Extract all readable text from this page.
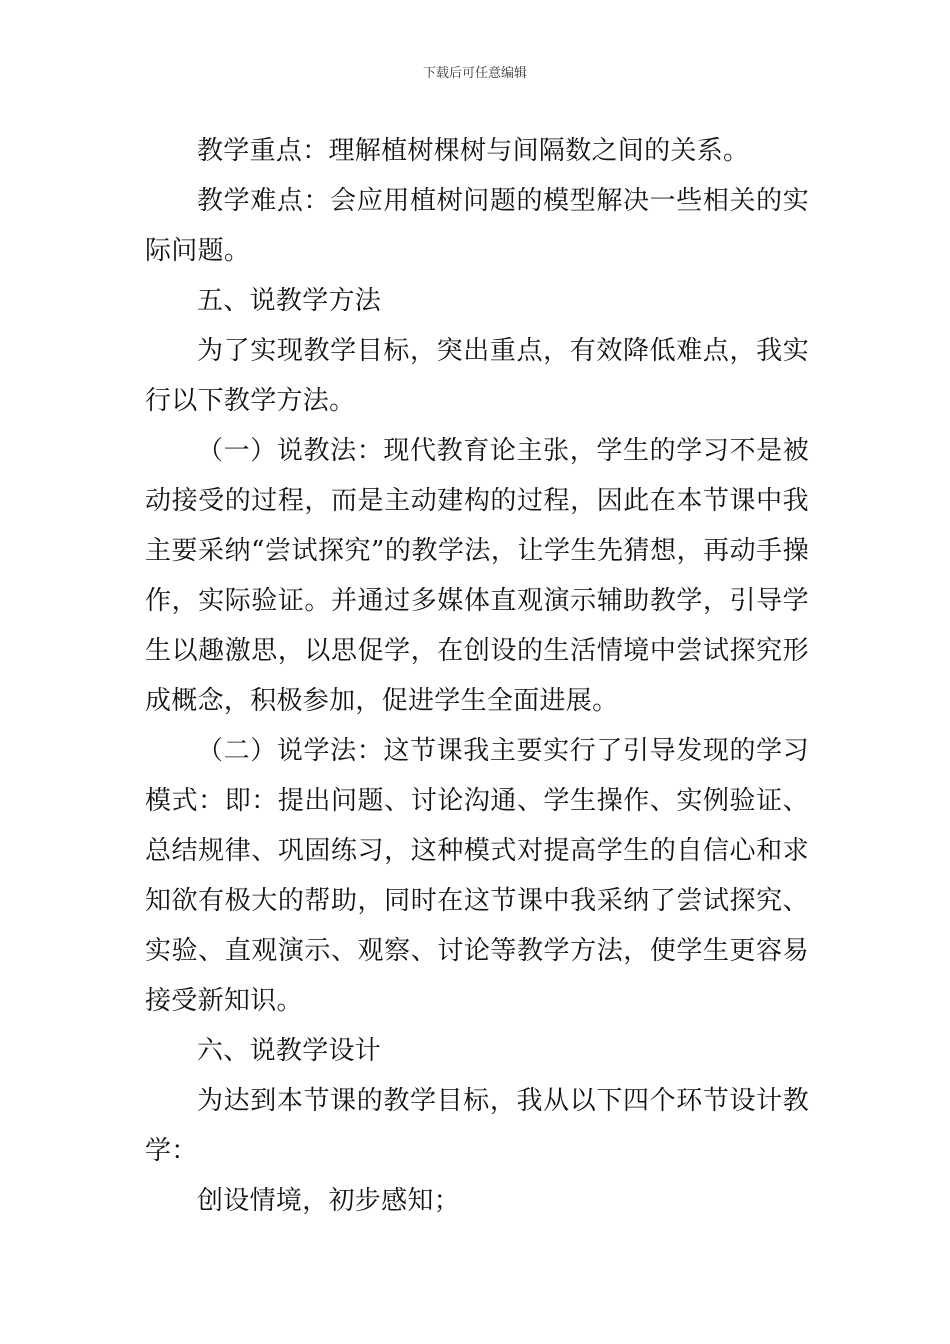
下载后可任意编辑

教学重点：理解植树棵树与间隔数之间的关系。

教学难点：会应用植树问题的模型解决一些相关的实际问题。

五、说教学方法

为了实现教学目标，突出重点，有效降低难点，我实行以下教学方法。

（一）说教法：现代教育论主张，学生的学习不是被动接受的过程，而是主动建构的过程，因此在本节课中我主要采纳“尝试探究”的教学法，让学生先猜想，再动手操作，实际验证。并通过多媒体直观演示辅助教学，引导学生以趣激思，以思促学，在创设的生活情境中尝试探究形成概念，积极参加，促进学生全面进展。

（二）说学法：这节课我主要实行了引导发现的学习模式：即：提出问题、讨论沟通、学生操作、实例验证、总结规律、巩固练习，这种模式对提高学生的自信心和求知欲有极大的帮助，同时在这节课中我采纳了尝试探究、实验、直观演示、观察、讨论等教学方法，使学生更容易接受新知识。

六、说教学设计

为达到本节课的教学目标，我从以下四个环节设计教学：

创设情境，初步感知；
